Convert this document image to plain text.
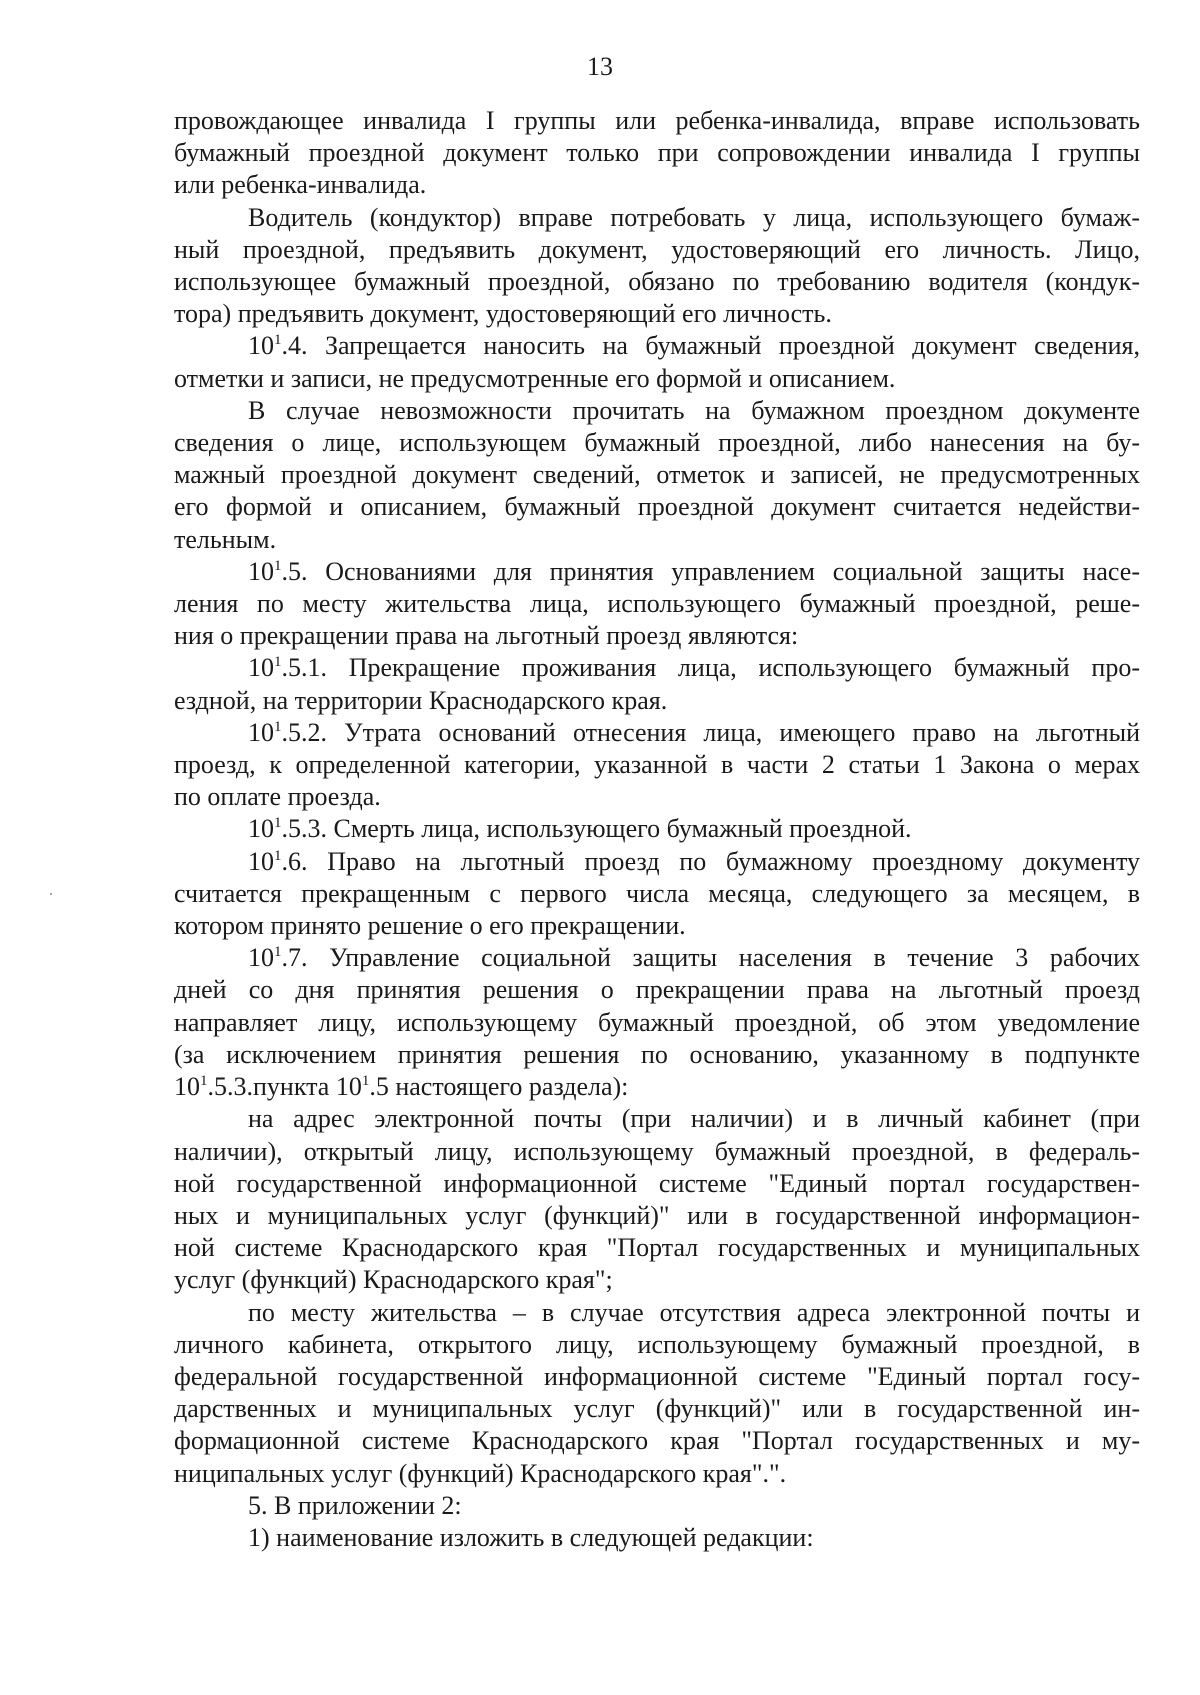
13

провождающее инвалида I группы или ребенка-инвалида, вправе использовать
бумажный проездной документ только при сопровождении инвалида I группы
или ребенка-инвалида.

Водитель (кондуктор) вправе потребовать у лица, использующего бумаж-
ный проездной, предъявить документ, удостоверяющий его личность. Лицо,
использующее бумажный проездной, обязано по требованию водителя (кондук-
тора) предъявить документ, удостоверяющий его личность.

$10^1.4$. Запрещается наносить на бумажный проездной документ сведения,
отметки и записи, не предусмотренные его формой и описанием.

В случае невозможности прочитать на бумажном проездном документе
сведения о лице, использующем бумажный проездной, либо нанесения на бу-
мажный проездной документ сведений, отметок и записей, не предусмотренных
его формой и описанием, бумажный проездной документ считается недействи-
тельным.

$10^1.5$. Основаниями для принятия управлением социальной защиты насе-
ления по месту жительства лица, использующего бумажный проездной, реше-
ния о прекращении права на льготный проезд являются:

$10^1.5.1$. Прекращение проживания лица, использующего бумажный про-
ездной, на территории Краснодарского края.

$10^1.5.2$. Утрата оснований отнесения лица, имеющего право на льготный
проезд, к определенной категории, указанной в части 2 статьи 1 Закона о мерах
по оплате проезда.

$10^1.5.3$. Смерть лица, использующего бумажный проездной.

$10^1.6$. Право на льготный проезд по бумажному проездному документу
считается прекращенным с первого числа месяца, следующего за месяцем, в
котором принято решение о его прекращении.

$10^1.7$. Управление социальной защиты населения в течение 3 рабочих
дней со дня принятия решения о прекращении права на льготный проезд
направляет лицу, использующему бумажный проездной, об этом уведомление
(за исключением принятия решения по основанию, указанному в подпункте
$10^1.5.3.пункта$ $10^1.5$ настоящего раздела):

на адрес электронной почты (при наличии) и в личный кабинет (при
наличии), открытый лицу, использующему бумажный проездной, в федераль-
ной государственной информационной системе "Единый портал государствен-
ных и муниципальных услуг (функций)" или в государственной информацион-
ной системе Краснодарского края "Портал государственных и муниципальных
услуг (функций) Краснодарского края";

по месту жительства – в случае отсутствия адреса электронной почты и
личного кабинета, открытого лицу, использующему бумажный проездной, в
федеральной государственной информационной системе "Единый портал госу-
дарственных и муниципальных услуг (функций)" или в государственной ин-
формационной системе Краснодарского края "Портал государственных и му-
ниципальных услуг (функций) Краснодарского края".".

5. В приложении 2:

1) наименование изложить в следующей редакции:
